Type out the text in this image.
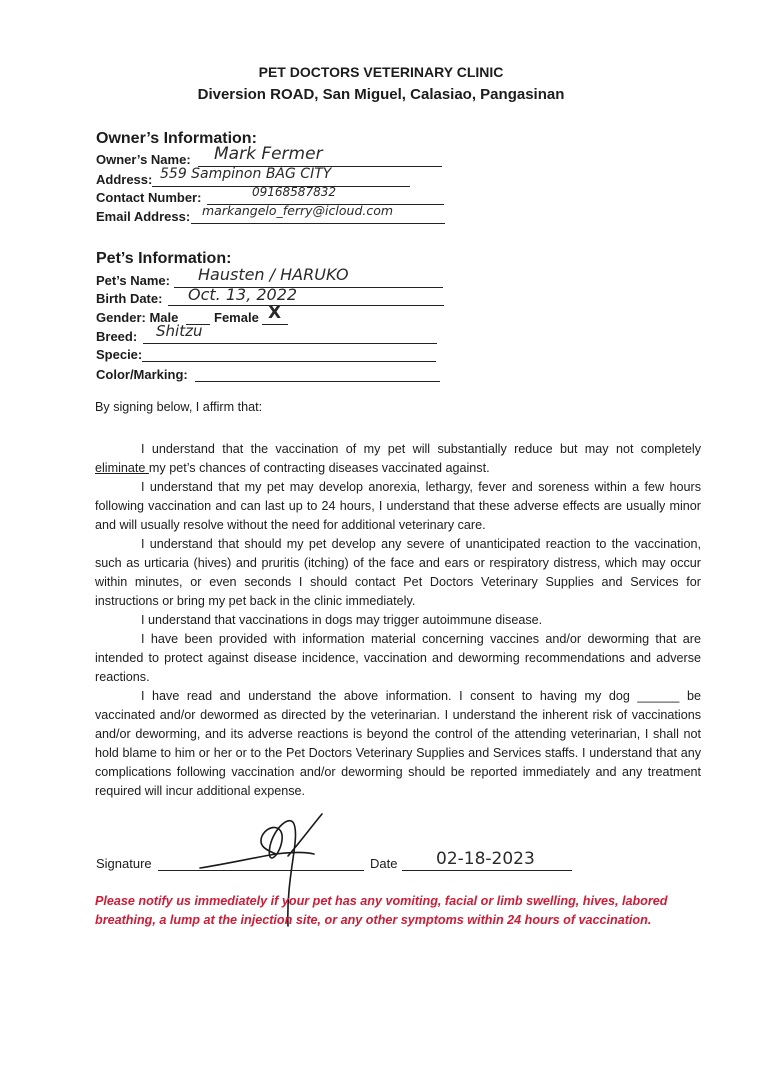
PET DOCTORS VETERINARY CLINIC
Diversion ROAD, San Miguel, Calasiao, Pangasinan
Owner’s Information:
Owner’s Name: Mark Fermer
Address: 559 Sampinon BAG CITY
Contact Number:	09168587832
Email Address: markangelo_ferry@icloud.com
Pet’s Information:
Pet’s Name: Hausten / HARUKO
Birth Date: Oct. 13, 2022
Gender: Male	Female X
Breed: Shitzu
Specie:
Color/Marking:
By signing below, I affirm that:

I understand that the vaccination of my pet will substantially reduce but may not completely eliminate my pet’s chances of contracting diseases vaccinated against.

I understand that my pet may develop anorexia, lethargy, fever and soreness within a few hours following vaccination and can last up to 24 hours, I understand that these adverse effects are usually minor and will usually resolve without the need for additional veterinary care.

I understand that should my pet develop any severe of unanticipated reaction to the vaccination, such as urticaria (hives) and pruritis (itching) of the face and ears or respiratory distress, which may occur within minutes, or even seconds I should contact Pet Doctors Veterinary Supplies and Services for instructions or bring my pet back in the clinic immediately.

I understand that vaccinations in dogs may trigger autoimmune disease.

I have been provided with information material concerning vaccines and/or deworming that are intended to protect against disease incidence, vaccination and deworming recommendations and adverse reactions.

I have read and understand the above information. I consent to having my dog ______ be vaccinated and/or dewormed as directed by the veterinarian. I understand the inherent risk of vaccinations and/or deworming, and its adverse reactions is beyond the control of the attending veterinarian, I shall not hold blame to him or her or to the Pet Doctors Veterinary Supplies and Services staffs. I understand that any complications following vaccination and/or deworming should be reported immediately and any treatment required will incur additional expense.

Signature	Date 02-18-2023
Please notify us immediately if your pet has any vomiting, facial or limb swelling, hives, labored breathing, a lump at the injection site, or any other symptoms within 24 hours of vaccination.
